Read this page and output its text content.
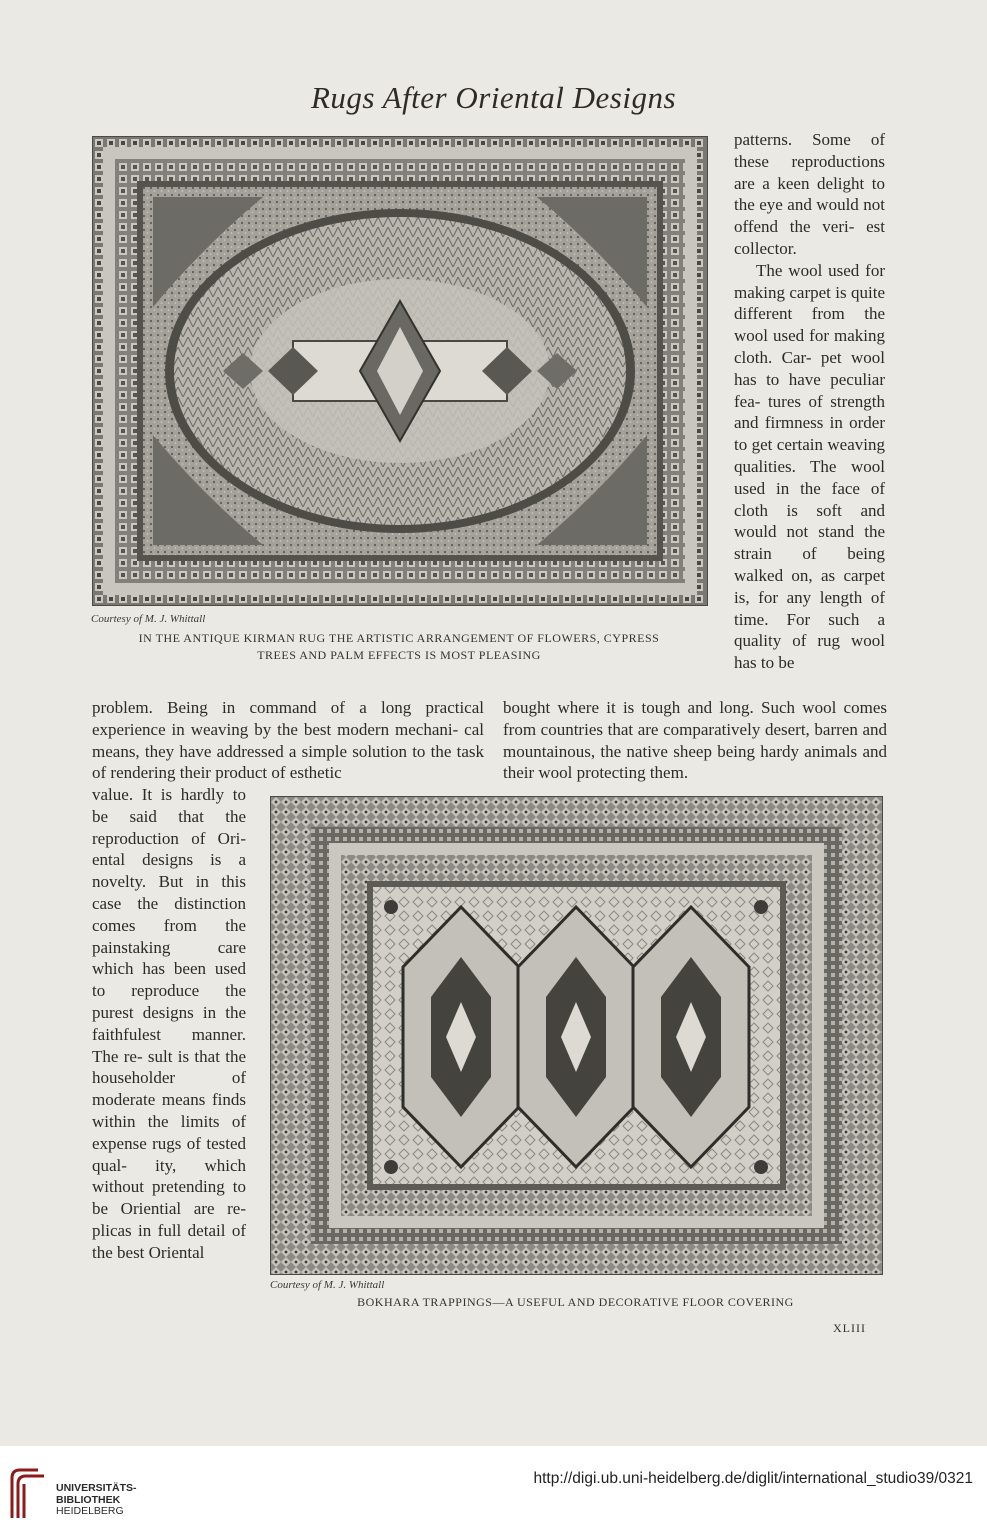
Rugs After Oriental Designs
Courtesy of M. J. Whittall
IN THE ANTIQUE KIRMAN RUG THE ARTISTIC ARRANGEMENT OF FLOWERS, CYPRESS
TREES AND PALM EFFECTS IS MOST PLEASING

patterns. Some of these reproductions are a keen delight to the eye and would not offend the veri- est collector.

The wool used for making carpet is quite different from the wool used for making cloth. Car- pet wool has to have peculiar fea- tures of strength and firmness in order to get certain weaving qualities. The wool used in the face of cloth is soft and would not stand the strain of being walked on, as carpet is, for any length of time. For such a quality of rug wool has to be

problem. Being in command of a long practical experience in weaving by the best modern mechani- cal means, they have addressed a simple solution to the task of rendering their product of esthetic
bought where it is tough and long. Such wool comes from countries that are comparatively desert, barren and mountainous, the native sheep being hardy animals and their wool protecting them.
value. It is hardly to be said that the reproduction of Ori- ental designs is a novelty. But in this case the distinction comes from the painstaking care which has been used to reproduce the purest designs in the faithfulest manner. The re- sult is that the householder of moderate means finds within the limits of expense rugs of tested qual- ity, which without pretending to be Oriential are re- plicas in full detail of the best Oriental
Courtesy of M. J. Whittall
BOKHARA TRAPPINGS—A USEFUL AND DECORATIVE FLOOR COVERING
XLIII
UNIVERSITÄTS-
BIBLIOTHEK
HEIDELBERG
http://digi.ub.uni-heidelberg.de/diglit/international_studio39/0321
